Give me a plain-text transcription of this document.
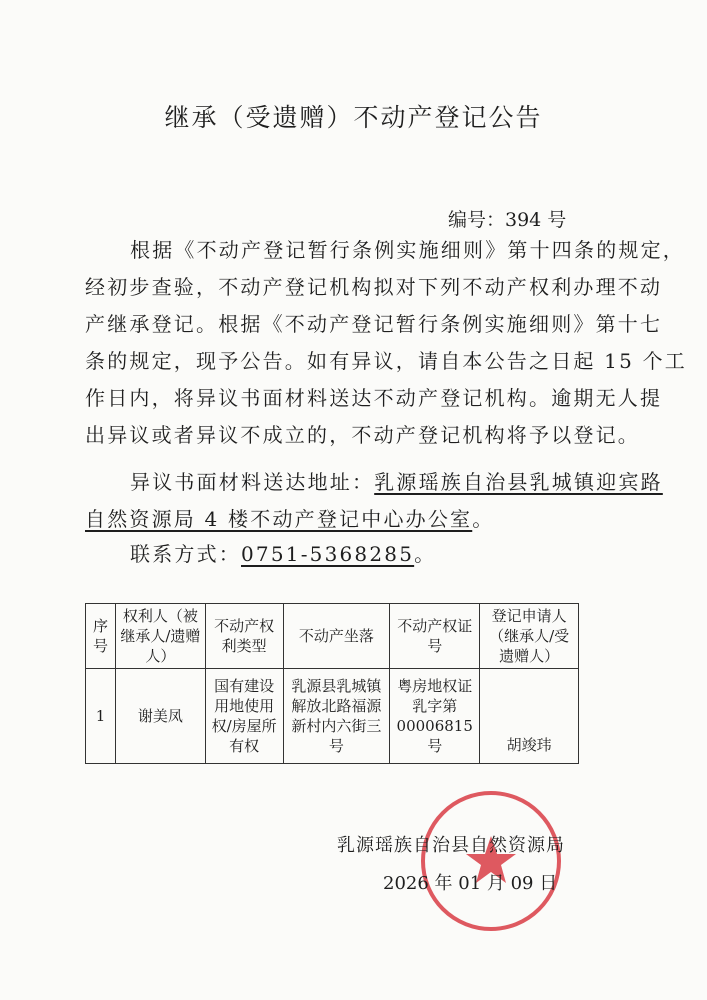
继承（受遗赠）不动产登记公告
编号：394 号
根据《不动产登记暂行条例实施细则》第十四条的规定，
经初步查验，不动产登记机构拟对下列不动产权利办理不动
产继承登记。根据《不动产登记暂行条例实施细则》第十七
条的规定，现予公告。如有异议，请自本公告之日起 15 个工
作日内，将异议书面材料送达不动产登记机构。逾期无人提
出异议或者异议不成立的，不动产登记机构将予以登记。
异议书面材料送达地址：乳源瑶族自治县乳城镇迎宾路
自然资源局 4 楼不动产登记中心办公室。
联系方式：0751-5368285。
序号	权利人（被继承人/遗赠人）	不动产权利类型	不动产坐落	不动产权证号	登记申请人（继承人/受遗赠人）
1	谢美凤	国有建设用地使用权/房屋所有权	乳源县乳城镇解放北路福源新村内六街三号	粤房地权证乳字第00006815 号	胡竣玮
乳源瑶族自治县自然资源局
2026 年 01 月 09 日
